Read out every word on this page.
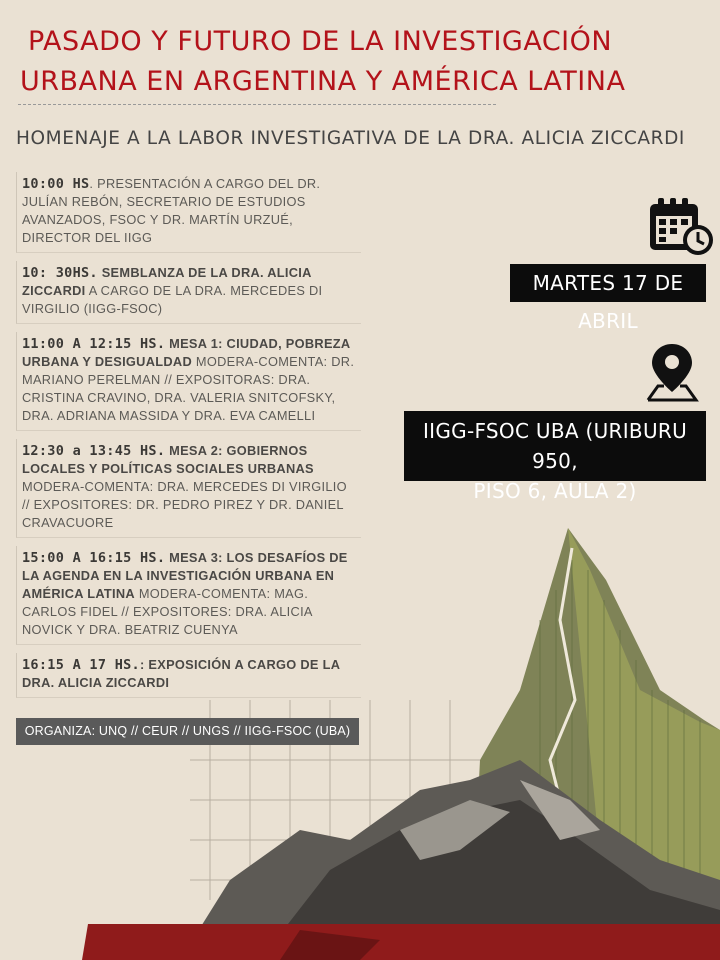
PASADO Y FUTURO DE LA INVESTIGACIÓN
URBANA EN ARGENTINA Y AMÉRICA LATINA
HOMENAJE A LA LABOR INVESTIGATIVA DE LA DRA. ALICIA ZICCARDI
10:00 HS. PRESENTACIÓN A CARGO DEL DR. JULÍAN REBÓN, SECRETARIO DE ESTUDIOS AVANZADOS, FSOC Y DR. MARTÍN URZUÉ, DIRECTOR DEL IIGG
10: 30HS. SEMBLANZA DE LA DRA. ALICIA ZICCARDI A CARGO DE LA DRA. MERCEDES DI VIRGILIO (IIGG-FSOC)
11:00 A 12:15 HS. MESA 1: CIUDAD, POBREZA URBANA Y DESIGUALDAD MODERA-COMENTA: DR. MARIANO PERELMAN // EXPOSITORAS: DRA. CRISTINA CRAVINO, DRA. VALERIA SNITCOFSKY, DRA. ADRIANA MASSIDA Y DRA. EVA CAMELLI
12:30 a 13:45 HS. MESA 2: GOBIERNOS LOCALES Y POLÍTICAS SOCIALES URBANAS MODERA-COMENTA: DRA. MERCEDES DI VIRGILIO // EXPOSITORES: DR. PEDRO PIREZ Y DR. DANIEL CRAVACUORE
15:00 A 16:15 HS. MESA 3: LOS DESAFÍOS DE LA AGENDA EN LA INVESTIGACIÓN URBANA EN AMÉRICA LATINA MODERA-COMENTA: MAG. CARLOS FIDEL // EXPOSITORES: DRA. ALICIA NOVICK Y DRA. BEATRIZ CUENYA
16:15 A 17 HS.: EXPOSICIÓN A CARGO DE LA DRA. ALICIA ZICCARDI
ORGANIZA: UNQ // CEUR // UNGS // IIGG-FSOC (UBA)
MARTES 17 DE ABRIL
IIGG-FSOC UBA (URIBURU 950,
PISO 6, AULA 2)
